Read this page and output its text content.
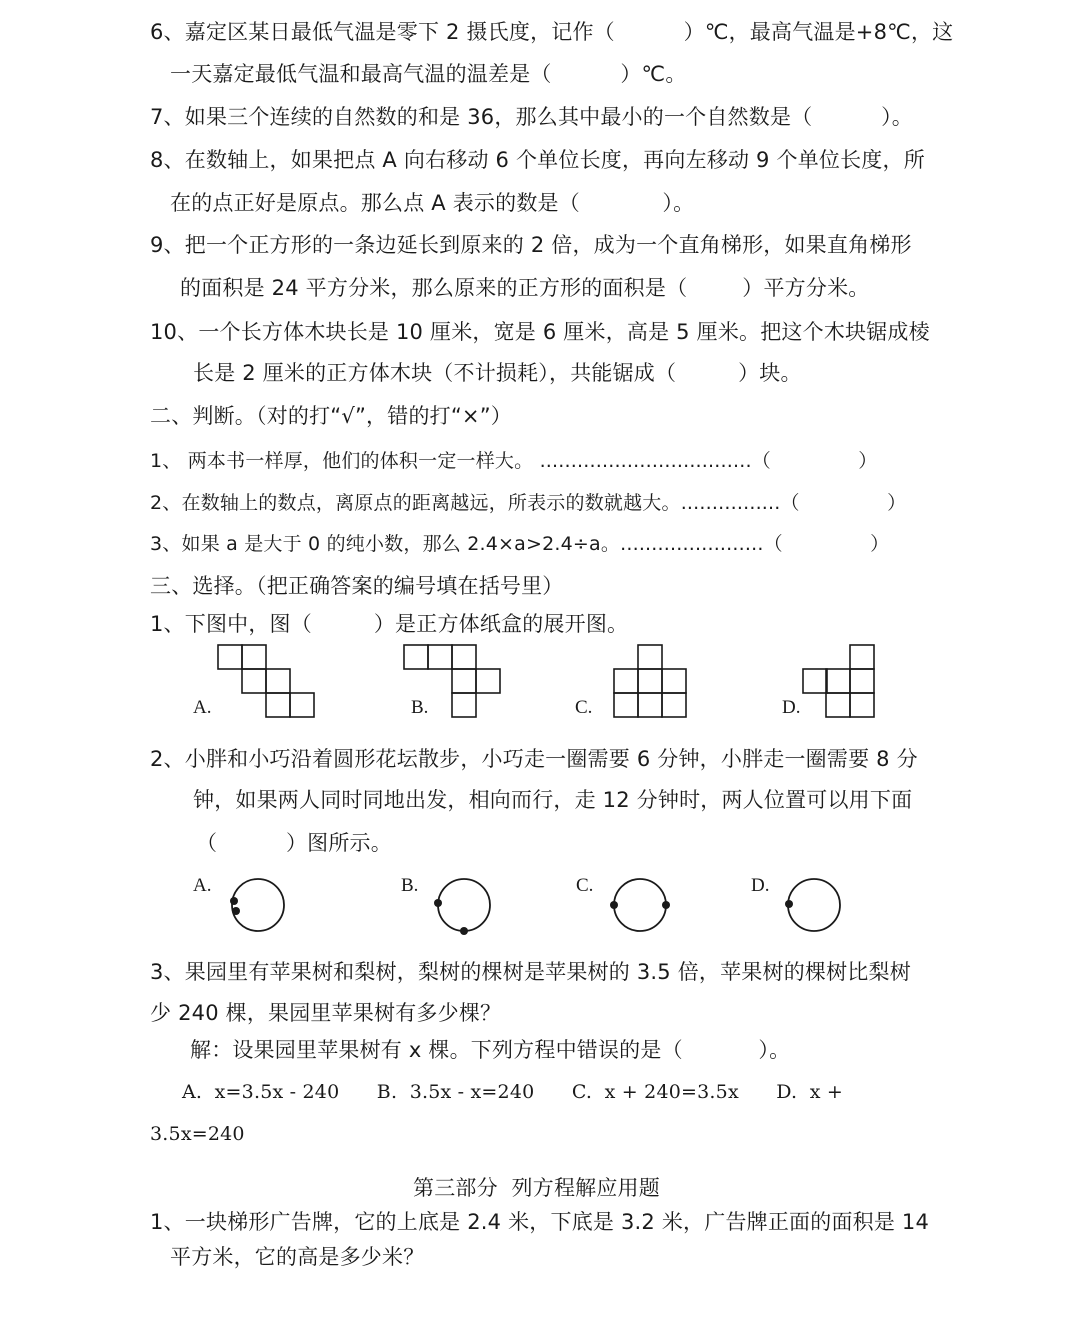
6、嘉定区某日最低气温是零下 2 摄氏度，记作（          ）℃，最高气温是+8℃，这
一天嘉定最低气温和最高气温的温差是（          ）℃。
7、如果三个连续的自然数的和是 36，那么其中最小的一个自然数是（          ）。
8、在数轴上，如果把点 A 向右移动 6 个单位长度，再向左移动 9 个单位长度，所
在的点正好是原点。那么点 A 表示的数是（            ）。
9、把一个正方形的一条边延长到原来的 2 倍，成为一个直角梯形，如果直角梯形
的面积是 24 平方分米，那么原来的正方形的面积是（        ）平方分米。
10、一个长方体木块长是 10 厘米，宽是 6 厘米，高是 5 厘米。把这个木块锯成棱
长是 2 厘米的正方体木块（不计损耗），共能锯成（         ）块。
二、判断。（对的打“√”，错的打“×”）
1、 两本书一样厚，他们的体积一定一样大。 ..................................（              ）
2、在数轴上的数点，离原点的距离越远，所表示的数就越大。................（              ）
3、如果 a 是大于 0 的纯小数，那么 2.4×a>2.4÷a。.......................（              ）
三、选择。（把正确答案的编号填在括号里）
1、下图中，图（         ）是正方体纸盒的展开图。
A.	B.	C.	D.
2、小胖和小巧沿着圆形花坛散步，小巧走一圈需要 6 分钟，小胖走一圈需要 8 分
钟，如果两人同时同地出发，相向而行，走 12 分钟时，两人位置可以用下面
（          ）图所示。
A.	B.	C.	D.
3、果园里有苹果树和梨树，梨树的棵树是苹果树的 3.5 倍，苹果树的棵树比梨树
少 240 棵，果园里苹果树有多少棵？
解：设果园里苹果树有 x 棵。下列方程中错误的是（           ）。
A.  x=3.5x - 240      B.  3.5x - x=240      C.  x + 240=3.5x      D.  x +
3.5x=240
第三部分  列方程解应用题
1、一块梯形广告牌，它的上底是 2.4 米，下底是 3.2 米，广告牌正面的面积是 14
平方米，它的高是多少米？
